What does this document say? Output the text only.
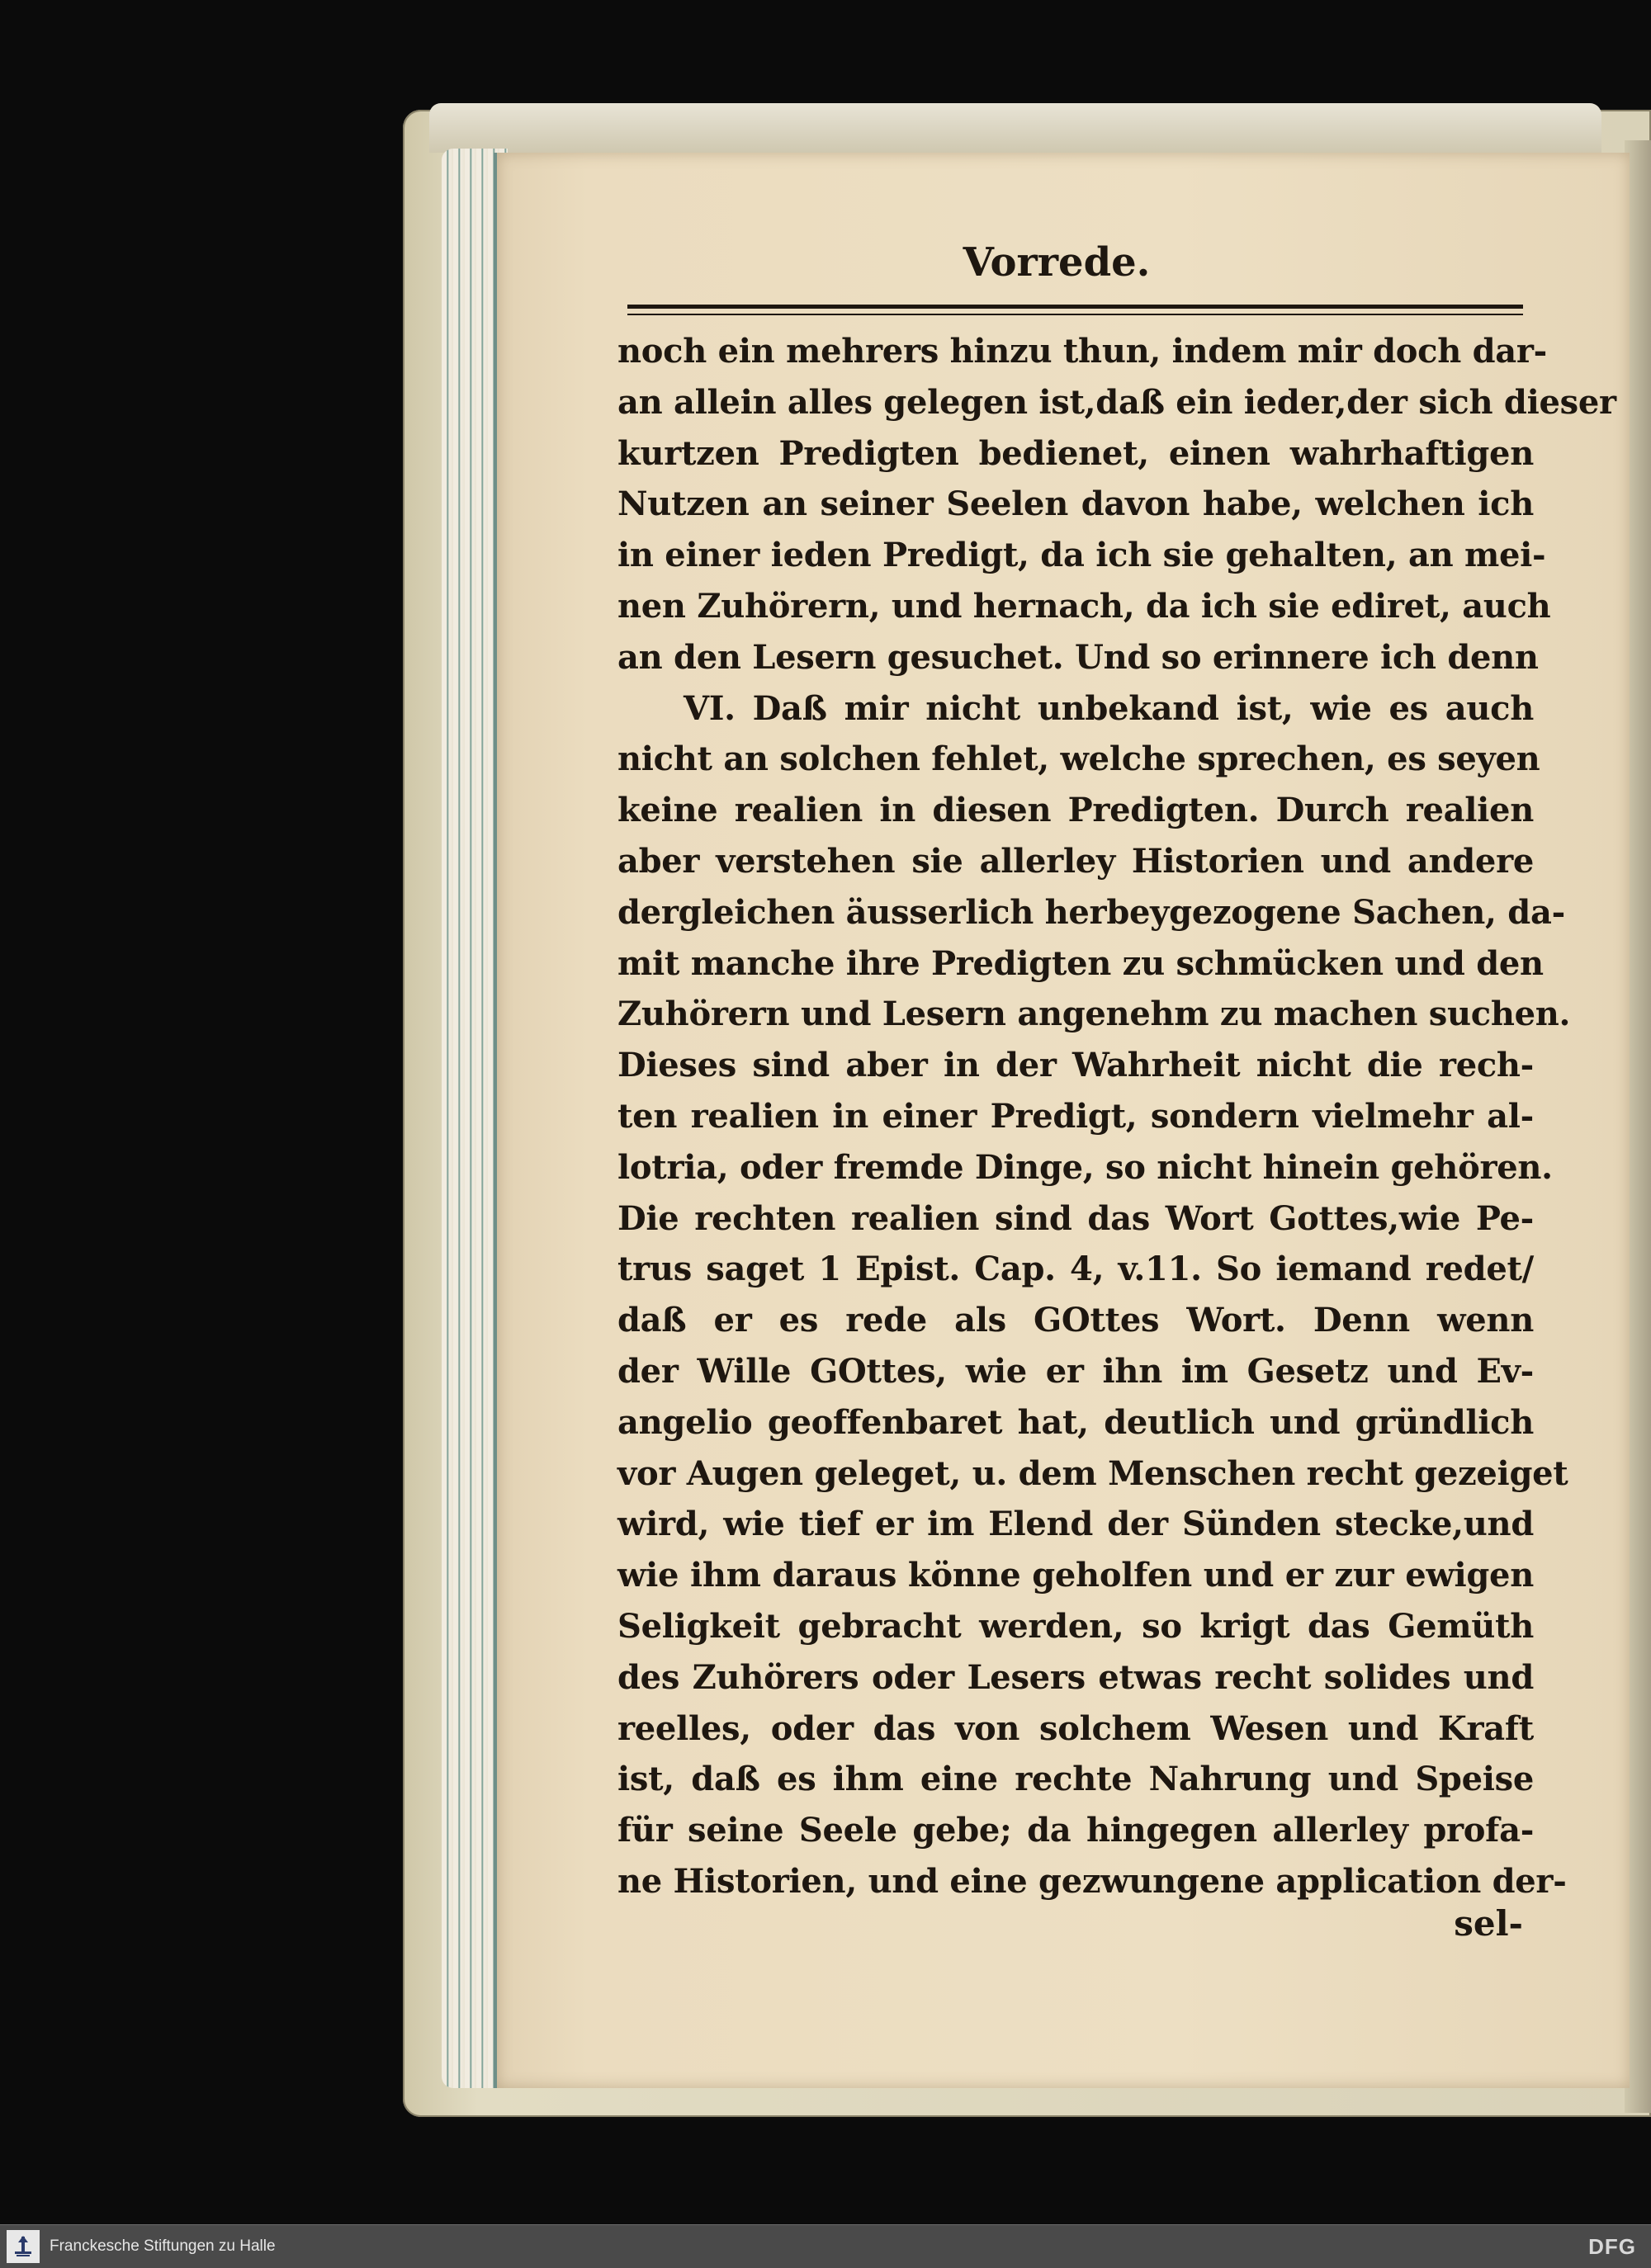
Vorrede.
noch ein mehrers hinzu thun, indem mir doch dar-
an allein alles gelegen ist,daß ein ieder,der sich dieser
kurtzen Predigten bedienet, einen wahrhaftigen
Nutzen an seiner Seelen davon habe, welchen ich
in einer ieden Predigt, da ich sie gehalten, an mei-
nen Zuhörern, und hernach, da ich sie ediret, auch
an den Lesern gesuchet. Und so erinnere ich denn
VI. Daß mir nicht unbekand ist, wie es auch
nicht an solchen fehlet, welche sprechen, es seyen
keine realien in diesen Predigten. Durch realien
aber verstehen sie allerley Historien und andere
dergleichen äusserlich herbeygezogene Sachen, da-
mit manche ihre Predigten zu schmücken und den
Zuhörern und Lesern angenehm zu machen suchen.
Dieses sind aber in der Wahrheit nicht die rech-
ten realien in einer Predigt, sondern vielmehr al-
lotria, oder fremde Dinge, so nicht hinein gehören.
Die rechten realien sind das Wort Gottes,wie Pe-
trus saget 1 Epist. Cap. 4, v.11. So iemand redet/
daß er es rede als GOttes Wort. Denn wenn
der Wille GOttes, wie er ihn im Gesetz und Ev-
angelio geoffenbaret hat, deutlich und gründlich
vor Augen geleget, u. dem Menschen recht gezeiget
wird, wie tief er im Elend der Sünden stecke,und
wie ihm daraus könne geholfen und er zur ewigen
Seligkeit gebracht werden, so krigt das Gemüth
des Zuhörers oder Lesers etwas recht solides und
reelles, oder das von solchem Wesen und Kraft
ist, daß es ihm eine rechte Nahrung und Speise
für seine Seele gebe; da hingegen allerley profa-
ne Historien, und eine gezwungene application der-
sel-
Franckesche Stiftungen zu Halle	DFG
